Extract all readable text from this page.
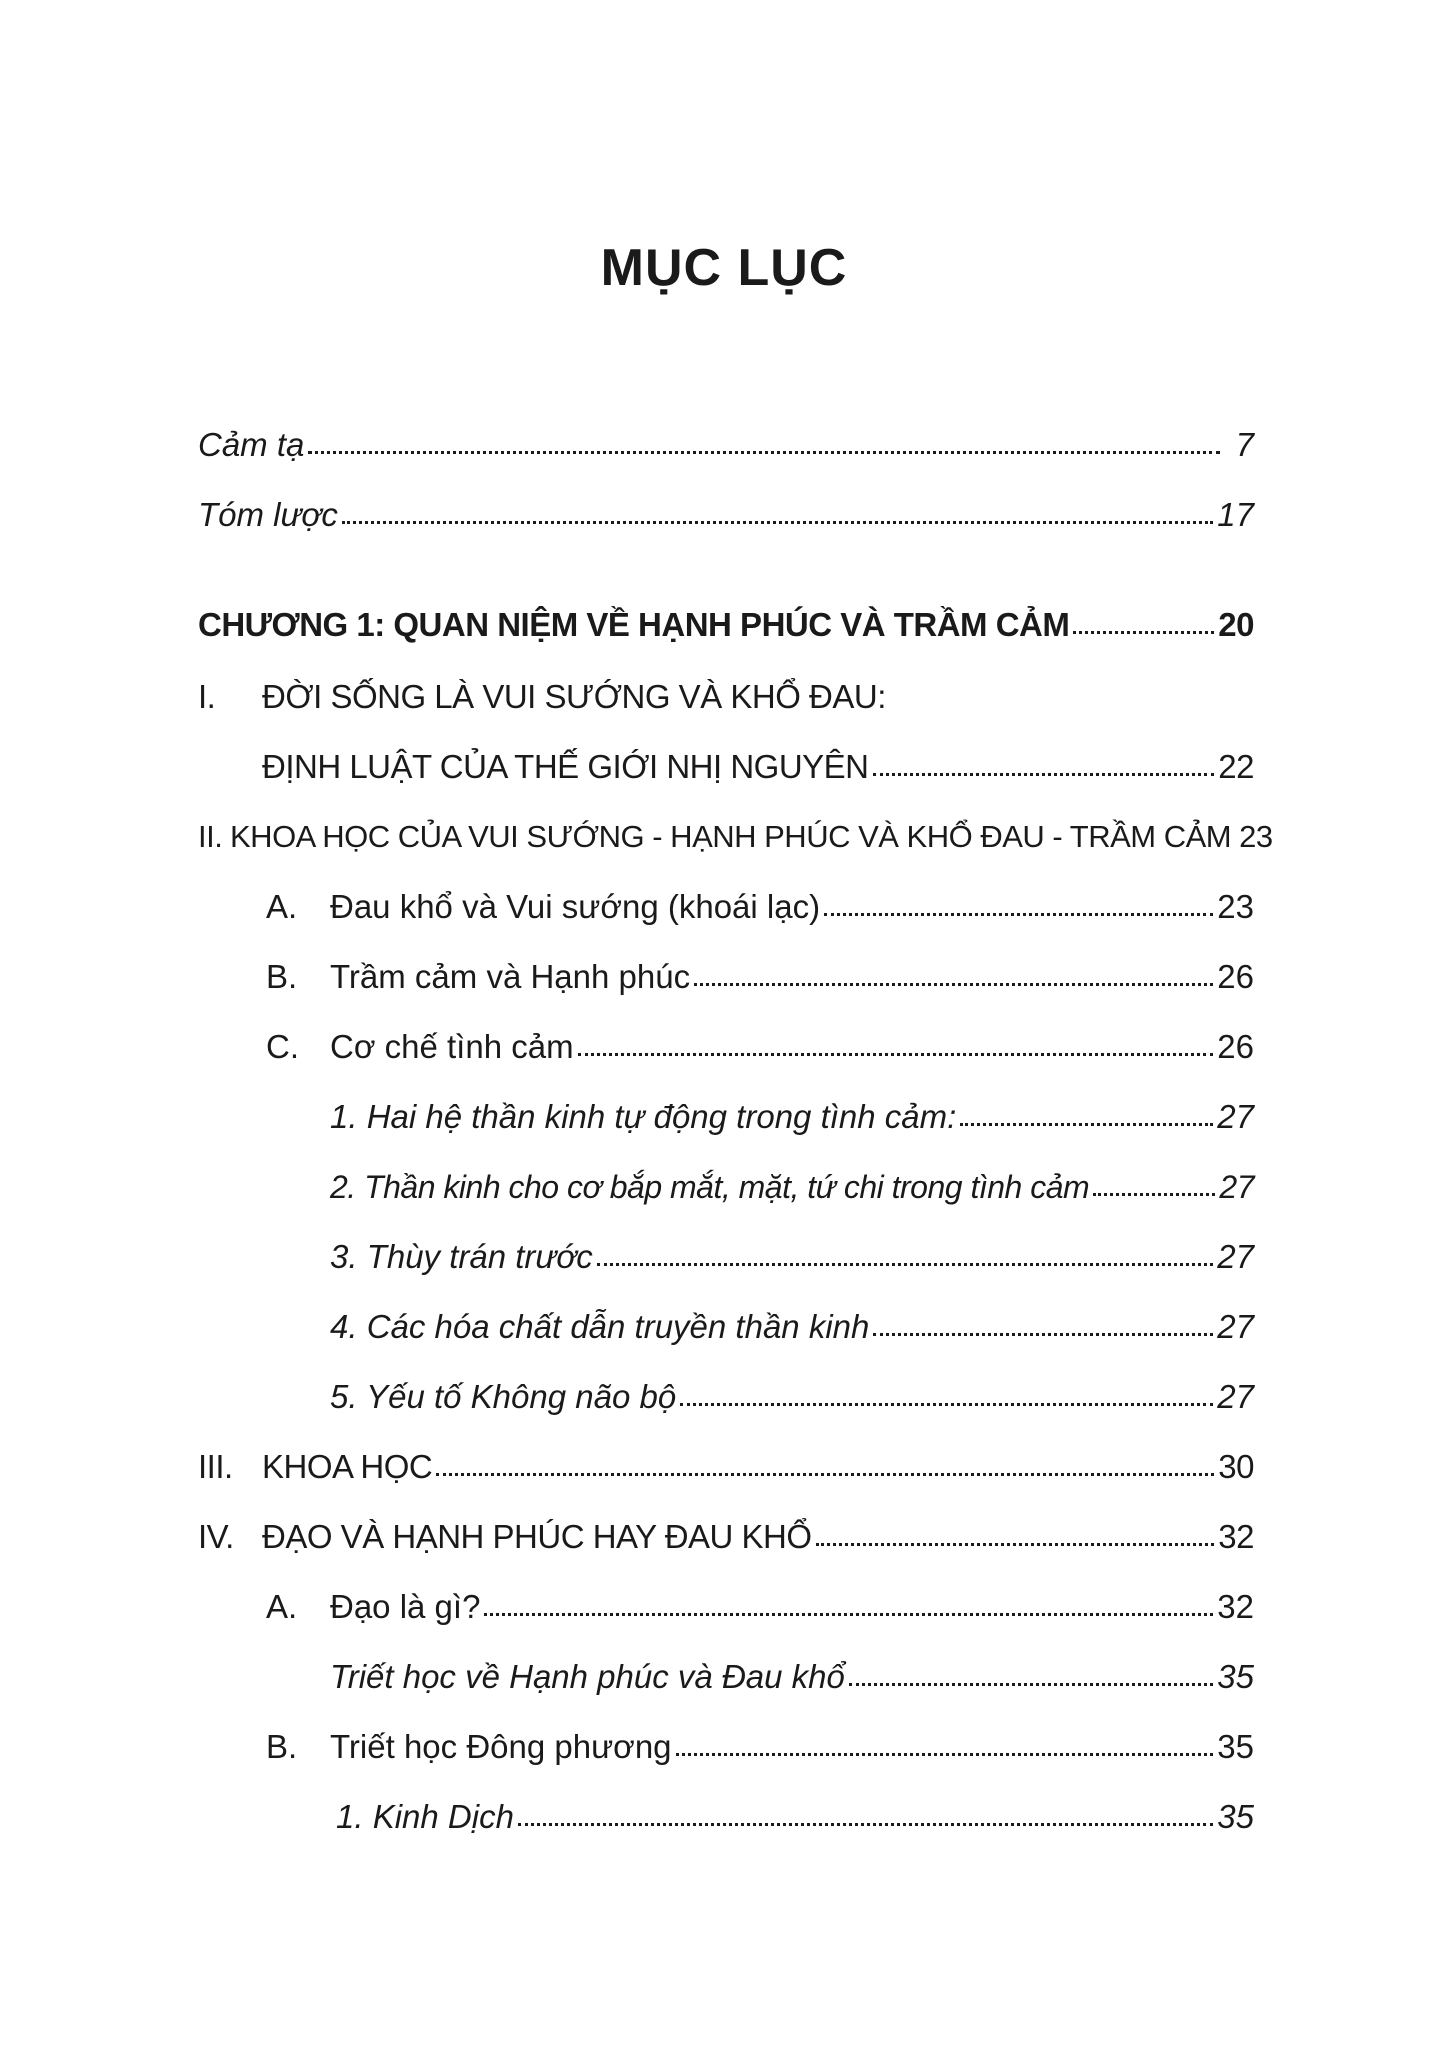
MỤC LỤC
Cảm tạ	7
Tóm lược	17
CHƯƠNG 1: QUAN NIỆM VỀ HẠNH PHÚC VÀ TRẦM CẢM	20
I.	ĐỜI SỐNG LÀ VUI SƯỚNG VÀ KHỔ ĐAU:
ĐỊNH LUẬT CỦA THẾ GIỚI NHỊ NGUYÊN	22
II. KHOA HỌC CỦA VUI SƯỚNG - HẠNH PHÚC VÀ KHỔ ĐAU - TRẦM CẢM 23
A. Đau khổ và Vui sướng (khoái lạc)	23
B. Trầm cảm và Hạnh phúc	26
C. Cơ chế tình cảm	26
1. Hai hệ thần kinh tự động trong tình cảm:	27
2. Thần kinh cho cơ bắp mắt, mặt, tứ chi trong tình cảm	27
3. Thùy trán trước	27
4. Các hóa chất dẫn truyền thần kinh	27
5. Yếu tố Không não bộ	27
III. KHOA HỌC	30
IV. ĐẠO VÀ HẠNH PHÚC HAY ĐAU KHỔ	32
A. Đạo là gì?	32
Triết học về Hạnh phúc và Đau khổ	35
B. Triết học Đông phương	35
1. Kinh Dịch	35
